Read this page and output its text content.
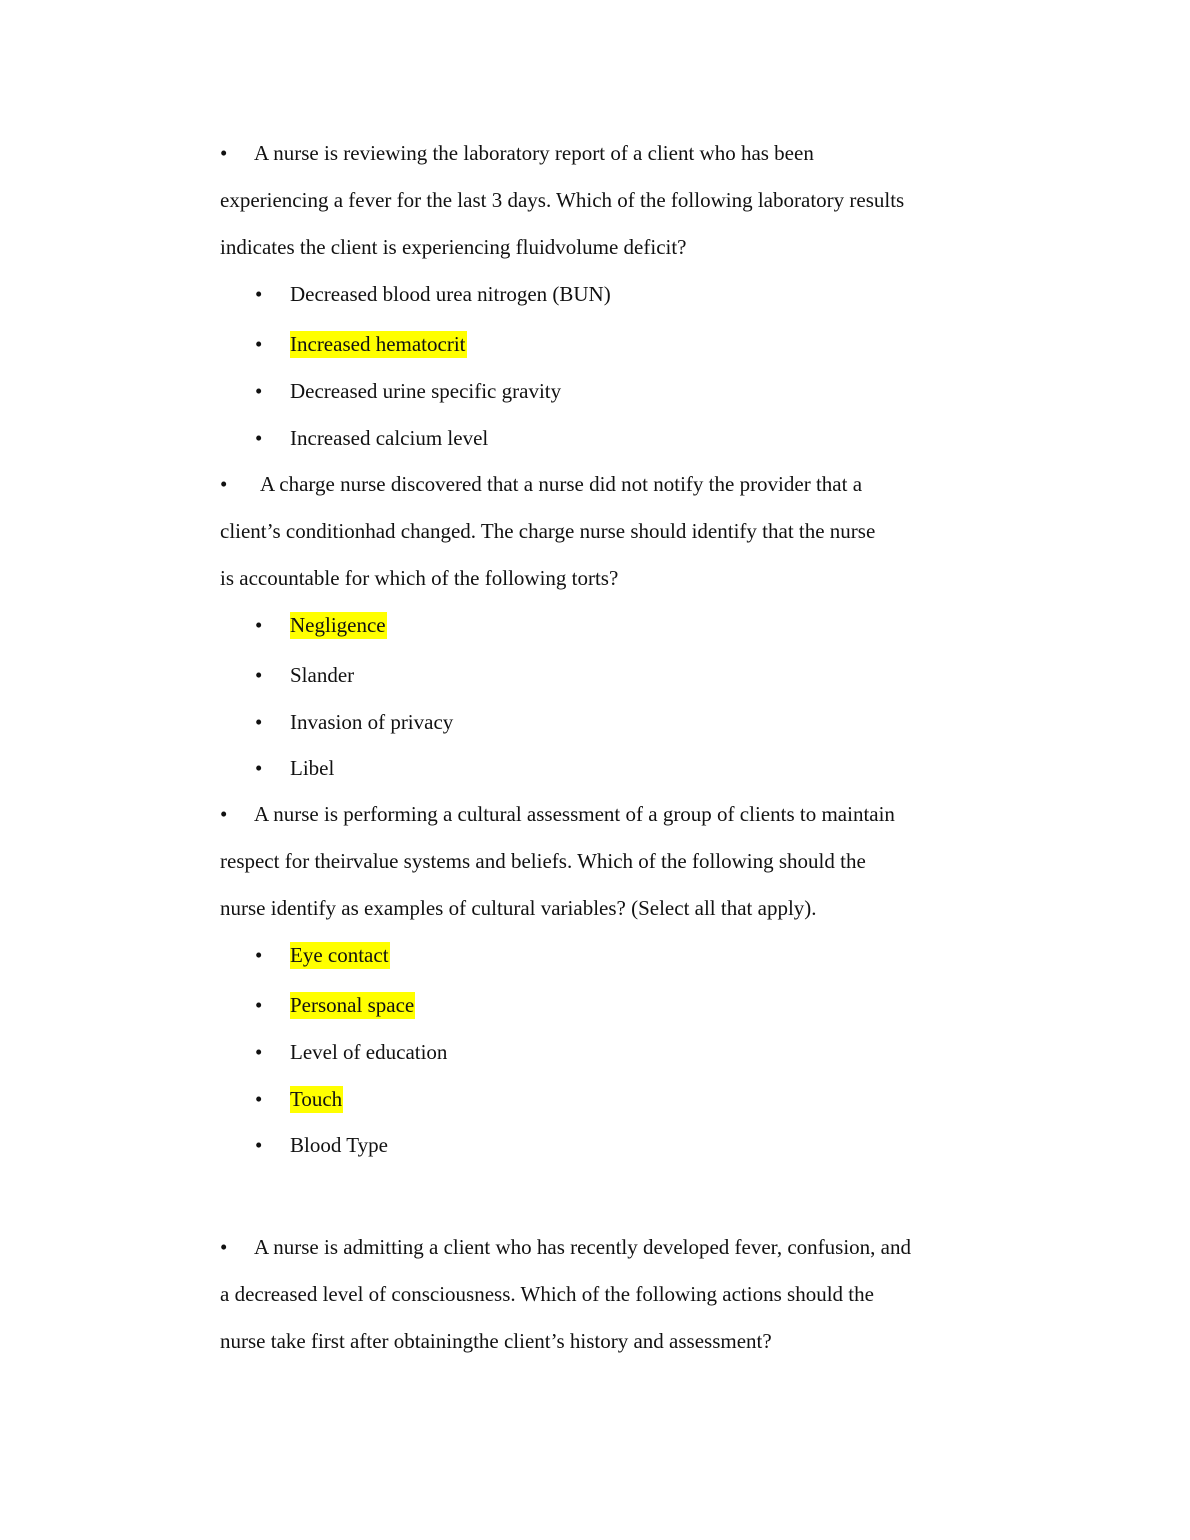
• A nurse is reviewing the laboratory report of a client who has been
experiencing a fever for the last 3 days. Which of the following laboratory results
indicates the client is experiencing fluidvolume deficit?
• Decreased blood urea nitrogen (BUN)
• Increased hematocrit
• Decreased urine specific gravity
• Increased calcium level
• A charge nurse discovered that a nurse did not notify the provider that a
client’s conditionhad changed. The charge nurse should identify that the nurse
is accountable for which of the following torts?
• Negligence
• Slander
• Invasion of privacy
• Libel
• A nurse is performing a cultural assessment of a group of clients to maintain
respect for theirvalue systems and beliefs. Which of the following should the
nurse identify as examples of cultural variables? (Select all that apply).
• Eye contact
• Personal space
• Level of education
• Touch
• Blood Type
• A nurse is admitting a client who has recently developed fever, confusion, and
a decreased level of consciousness. Which of the following actions should the
nurse take first after obtainingthe client’s history and assessment?
